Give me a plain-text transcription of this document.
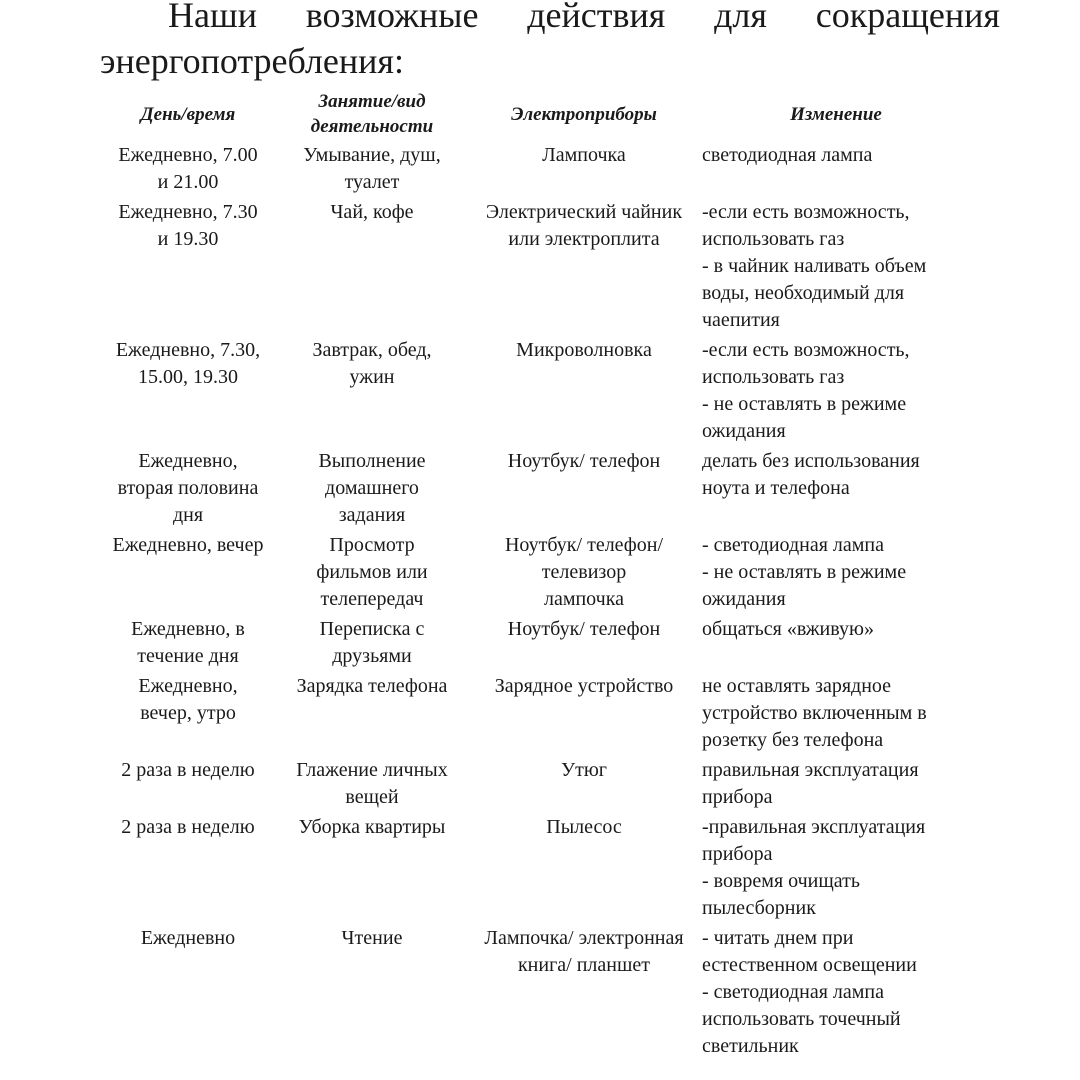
Наши возможные действия для сокращения энергопотребления:
День/время	Занятие/вид деятельности	Электроприборы	Изменение

Ежедневно, 7.00
и 21.00	Умывание, душ,
туалет	Лампочка	светодиодная лампа

Ежедневно, 7.30
и 19.30	Чай, кофе	Электрический чайник
или электроплита	-если есть возможность,
использовать газ
- в чайник наливать объем
воды, необходимый для
чаепития

Ежедневно, 7.30,
15.00, 19.30	Завтрак, обед,
ужин	Микроволновка	-если есть возможность,
использовать газ
- не оставлять в режиме
ожидания

Ежедневно,
вторая половина
дня	Выполнение
домашнего
задания	Ноутбук/ телефон	делать без использования
ноута и телефона

Ежедневно, вечер	Просмотр
фильмов или
телепередач	Ноутбук/ телефон/
телевизор
лампочка	- светодиодная лампа
- не оставлять в режиме
ожидания

Ежедневно, в
течение дня	Переписка с
друзьями	Ноутбук/ телефон	общаться «вживую»

Ежедневно,
вечер, утро	Зарядка телефона	Зарядное устройство	не оставлять зарядное
устройство включенным в
розетку без телефона

2 раза в неделю	Глажение личных
вещей	Утюг	правильная эксплуатация
прибора

2 раза в неделю	Уборка квартиры	Пылесос	-правильная эксплуатация
прибора
- вовремя очищать
пылесборник

Ежедневно	Чтение	Лампочка/ электронная
книга/ планшет	- читать днем при
естественном освещении
- светодиодная лампа
использовать точечный
светильник
